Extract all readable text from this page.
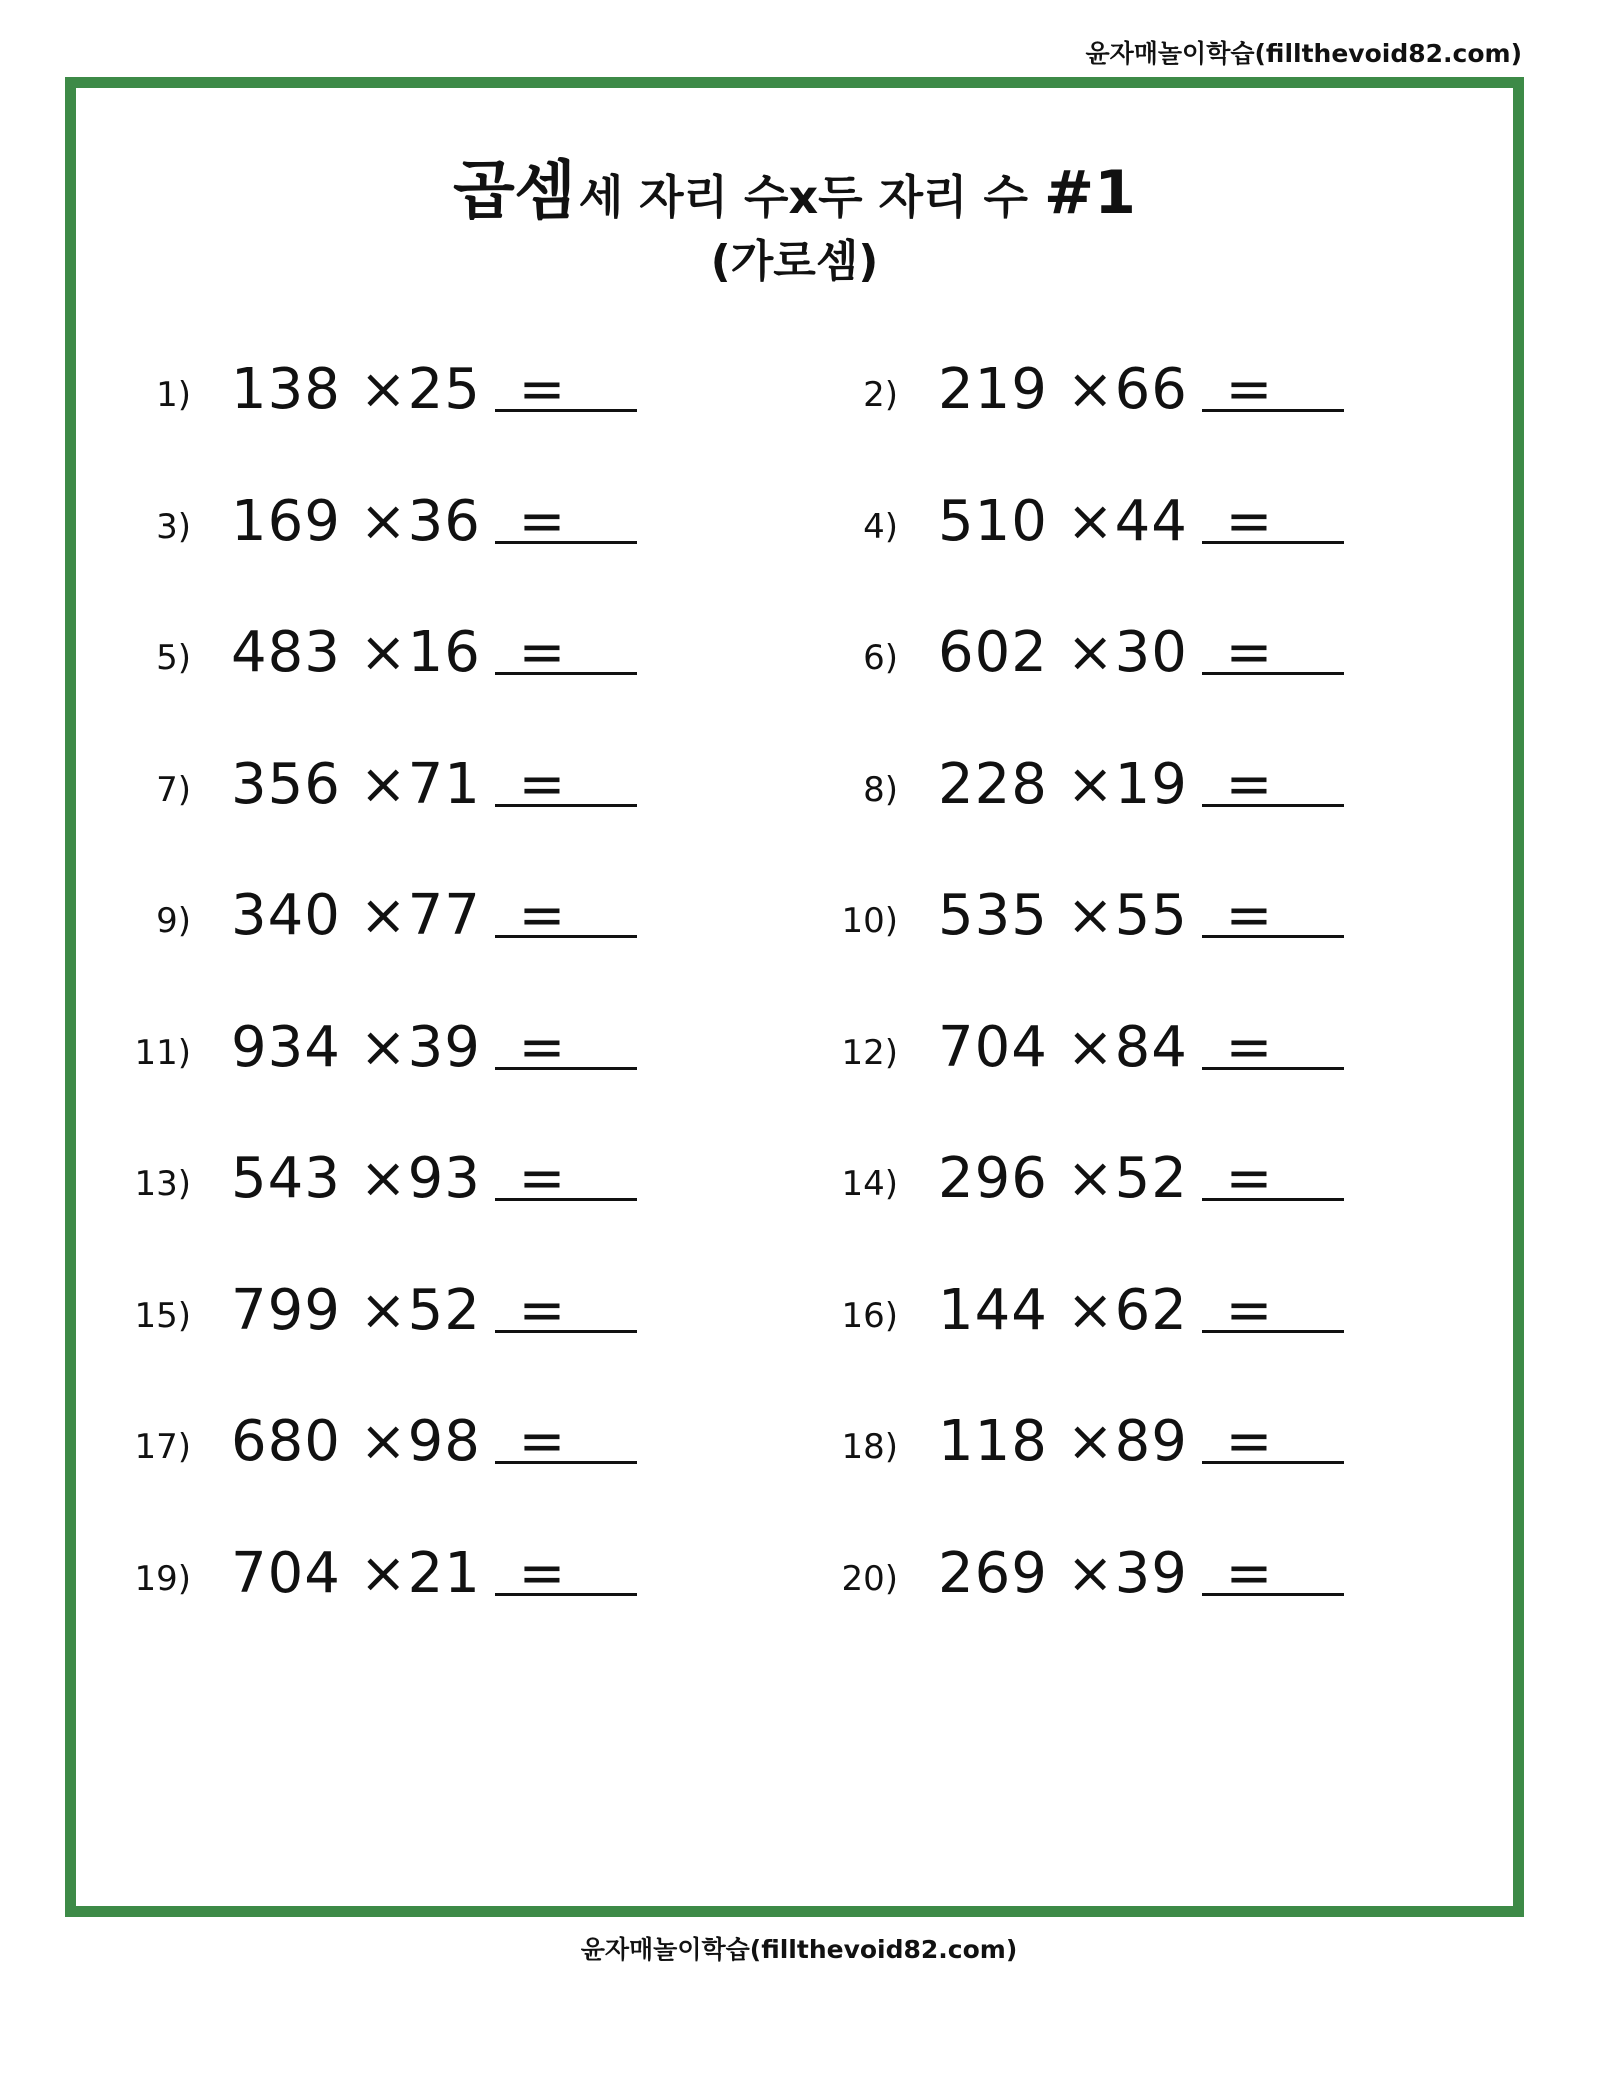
윤자매놀이학습(fillthevoid82.com)
곱셈세 자리 수x두 자리 수 #1
(가로셈)
1) 138 ×25  =	2) 219 ×66  =
3) 169 ×36  =	4) 510 ×44  =
5) 483 ×16  =	6) 602 ×30  =
7) 356 ×71  =	8) 228 ×19  =
9) 340 ×77  =	10) 535 ×55  =
11) 934 ×39  =	12) 704 ×84  =
13) 543 ×93  =	14) 296 ×52  =
15) 799 ×52  =	16) 144 ×62  =
17) 680 ×98  =	18) 118 ×89  =
19) 704 ×21  =	20) 269 ×39  =
윤자매놀이학습(fillthevoid82.com)
